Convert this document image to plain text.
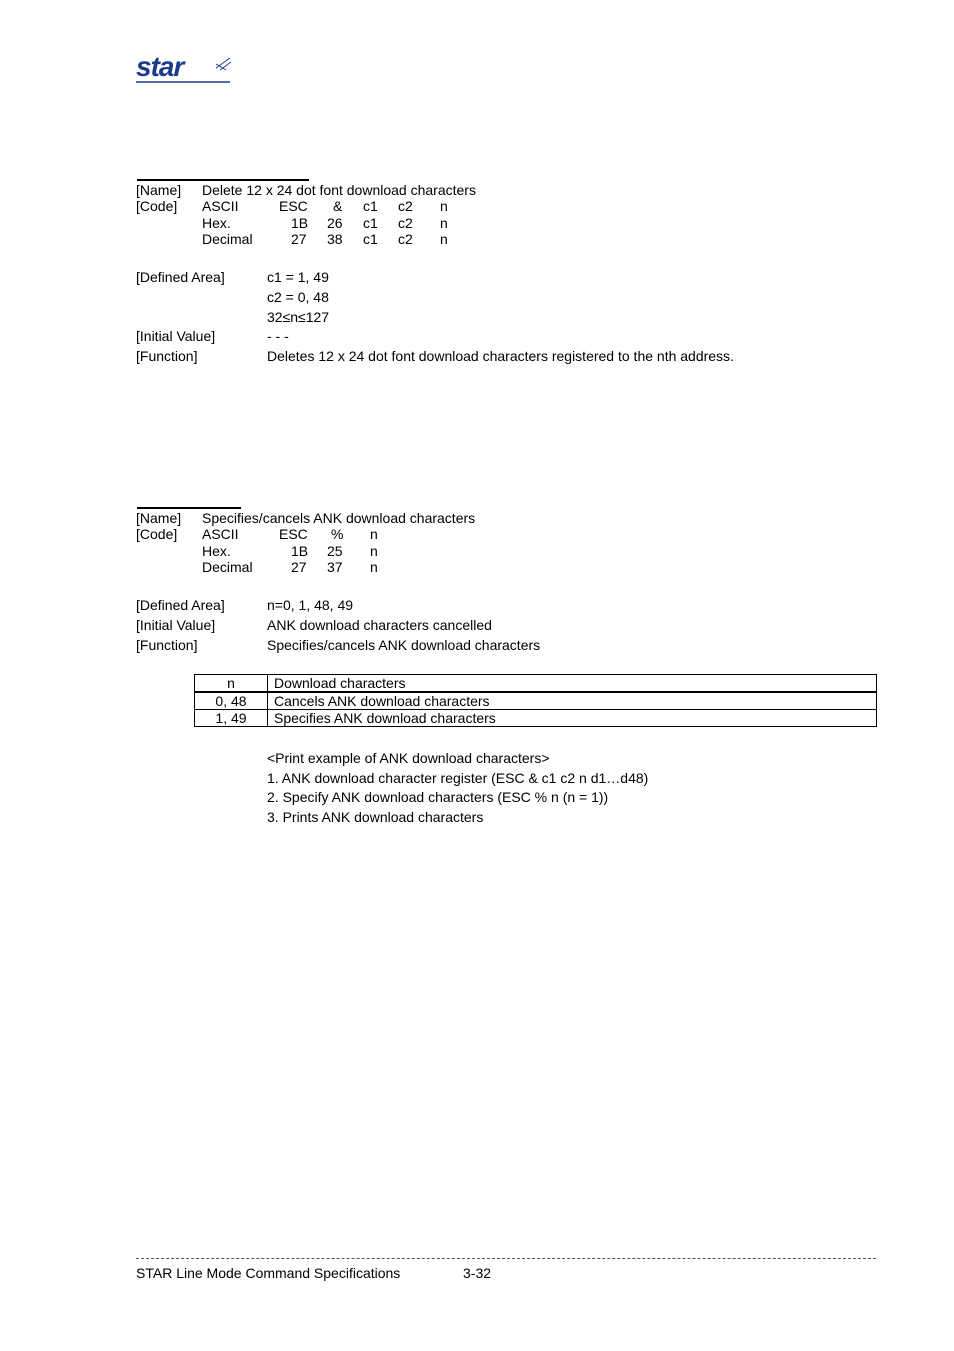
star
[Name] Delete 12 x 24 dot font download characters
[Code] ASCII	ESC & c1 c2 n
Hex.	1B 26 c1 c2 n
Decimal	27 38 c1 c2 n
[Defined Area]	c1 = 1, 49
c2 = 0, 48
32≤n≤127
[Initial Value]	- - -
[Function]	Deletes 12 x 24 dot font download characters registered to the nth address.
[Name] Specifies/cancels ANK download characters
[Code] ASCII	ESC % n
Hex.	1B 25 n
Decimal	27 37 n
[Defined Area]	n=0, 1, 48, 49
[Initial Value]	ANK download characters cancelled
[Function]	Specifies/cancels ANK download characters
n	Download characters
0, 48	Cancels ANK download characters
1, 49	Specifies ANK download characters
<Print example of ANK download characters>
1. ANK download character register (ESC & c1 c2 n d1…d48)
2. Specify ANK download characters (ESC % n (n = 1))
3. Prints ANK download characters
STAR Line Mode Command Specifications	3-32
